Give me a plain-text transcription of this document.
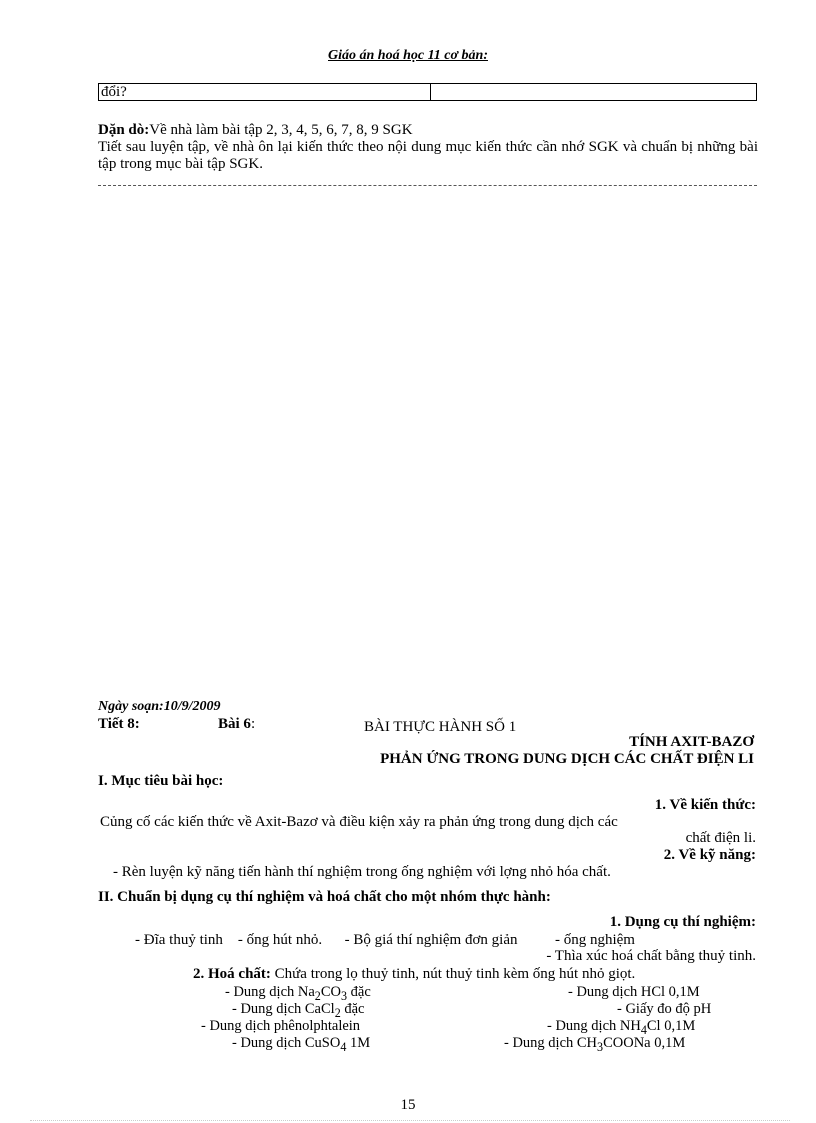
Giáo án hoá học 11 cơ bản:
đổi?

Dặn dò:Về nhà làm bài tập 2, 3, 4, 5, 6, 7, 8, 9 SGK

Tiết sau luyện tập, về nhà ôn lại kiến thức theo nội dung mục kiến thức cần nhớ SGK và chuẩn bị những bài tập trong mục bài tập SGK.

Ngày soạn:10/9/2009
Tiết 8:	Bài 6:	BÀI THỰC HÀNH SỐ 1
TÍNH AXIT-BAZƠ
PHẢN ỨNG TRONG DUNG DỊCH CÁC CHẤT ĐIỆN LI
I. Mục tiêu bài học:
1. Về kiến thức:
Củng cố các kiến thức về Axit-Bazơ và điều kiện xảy ra phản ứng trong dung dịch các
chất điện li.
2. Về kỹ năng:
- Rèn luyện kỹ năng tiến hành thí nghiệm trong ống nghiệm với lợng nhỏ hóa chất.
II. Chuẩn bị dụng cụ thí nghiệm và hoá chất cho một nhóm thực hành:
1. Dụng cụ thí nghiệm:
- Đĩa thuỷ tinh    - ống hút nhỏ.      - Bộ giá thí nghiệm đơn giản          - ống nghiệm
- Thìa xúc hoá chất bằng thuỷ tinh.
2. Hoá chất: Chứa trong lọ thuỷ tinh, nút thuỷ tinh kèm ống hút nhỏ giọt.
- Dung dịch $Na_2CO_3$ đặc
- Dung dịch CaCl$_2$ đặc
- Dung dịch phênolphtalein
- Dung dịch CuSO$_4$ 1M
- Dung dịch HCl 0,1M
- Giấy đo độ pH
- Dung dịch $NH_4Cl$ 0,1M
- Dung dịch $CH_3COONa$ 0,1M
15
